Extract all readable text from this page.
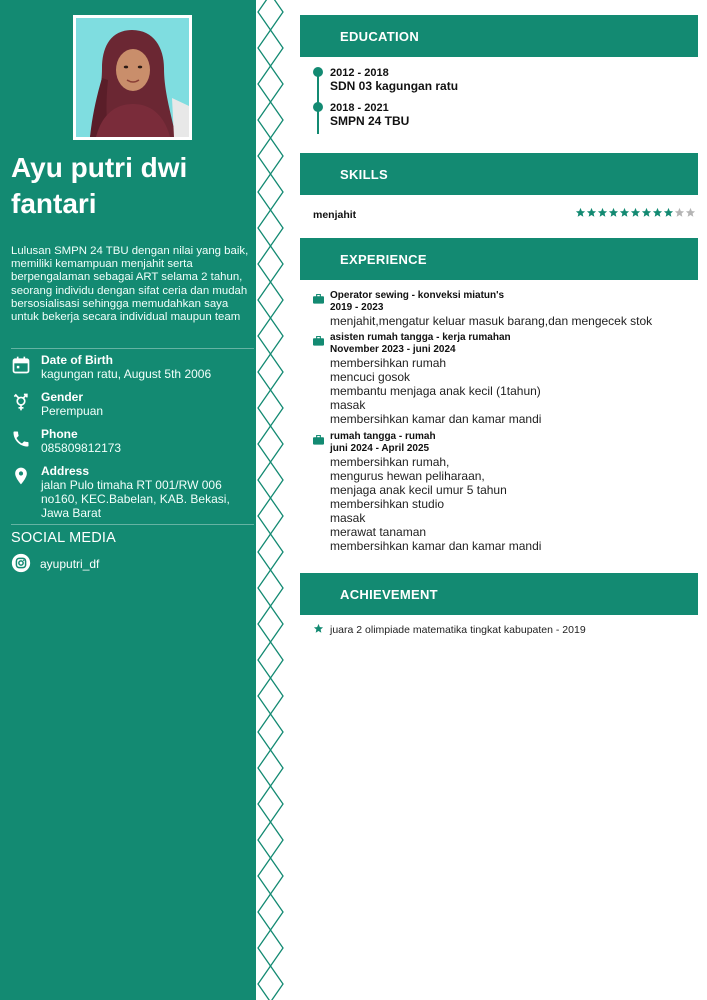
Ayu putri dwi fantari
Lulusan SMPN 24 TBU dengan nilai yang baik, memiliki kemampuan menjahit serta berpengalaman sebagai ART selama 2 tahun, seorang individu dengan sifat ceria dan mudah bersosialisasi sehingga memudahkan saya untuk bekerja secara individual maupun team
Date of Birth
kagungan ratu, August 5th 2006
Gender
Perempuan
Phone
085809812173
Address
jalan Pulo timaha RT 001/RW 006 no160, KEC.Babelan, KAB. Bekasi, Jawa Barat
SOCIAL MEDIA
ayuputri_df
EDUCATION
2012 - 2018
SDN 03 kagungan ratu
2018 - 2021
SMPN 24 TBU
SKILLS
menjahit
EXPERIENCE
Operator sewing - konveksi miatun's
2019 - 2023
menjahit,mengatur keluar masuk barang,dan mengecek stok
asisten rumah tangga - kerja rumahan
November 2023 - juni 2024
membersihkan rumah
mencuci gosok
membantu menjaga anak kecil (1tahun)
masak
membersihkan kamar dan kamar mandi
rumah tangga - rumah
juni 2024 - April 2025
membersihkan rumah,
mengurus hewan peliharaan,
menjaga anak kecil umur 5 tahun
membersihkan studio
masak
merawat tanaman
membersihkan kamar dan kamar mandi
ACHIEVEMENT
juara 2 olimpiade matematika tingkat kabupaten - 2019
